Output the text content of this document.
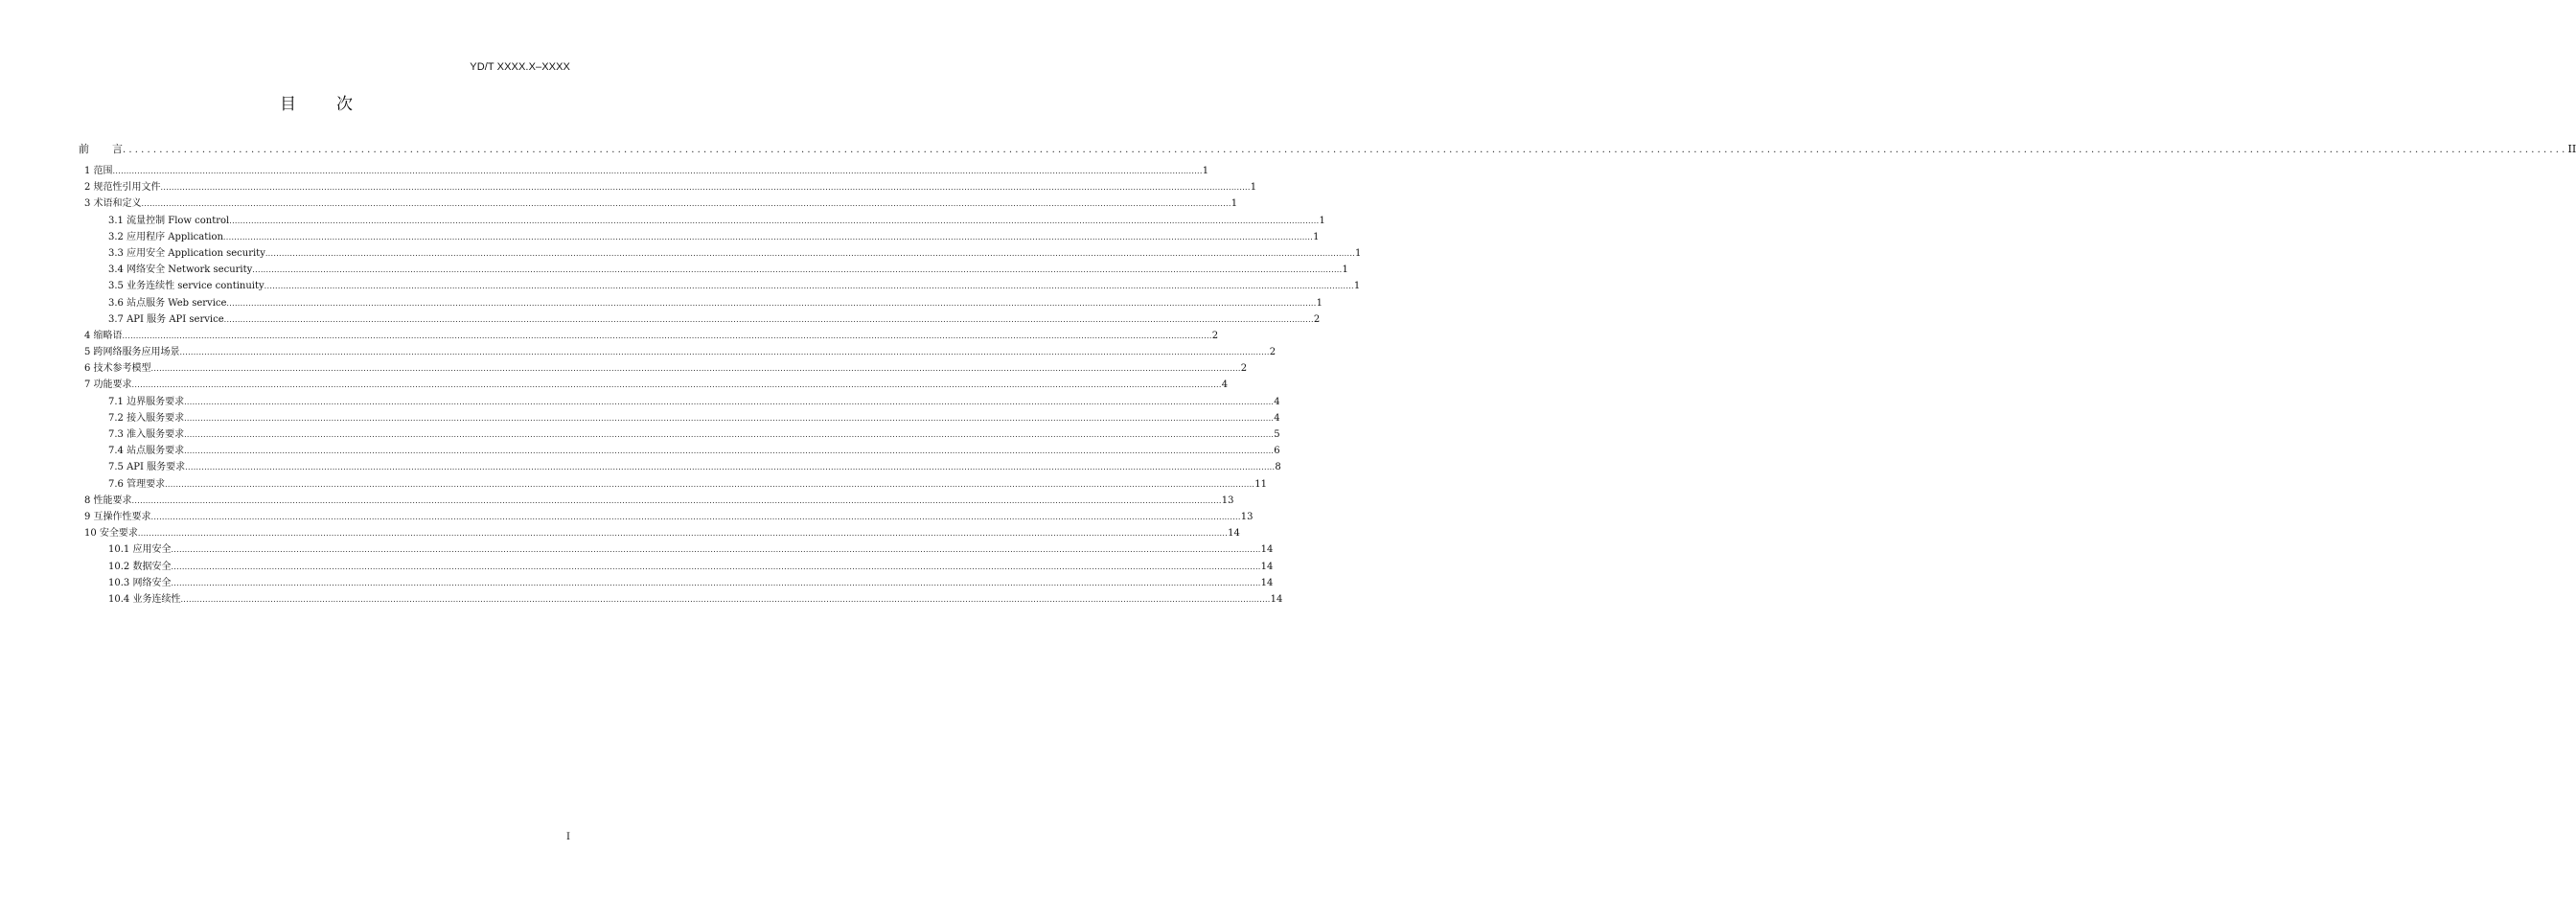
YD/T XXXX.X–XXXX
目 次
前 言 ................................................................................................................................................................................................................................................................................................................................................................................................................ II
1 范围 ................................................................................................................................................................................................................................................................................................................................................................................................................ 1
2 规范性引用文件 ................................................................................................................................................................................................................................................................................................................................................................................................................ 1
3 术语和定义 ................................................................................................................................................................................................................................................................................................................................................................................................................ 1
3.1 流量控制 Flow control ................................................................................................................................................................................................................................................................................................................................................................................................................ 1
3.2 应用程序 Application ................................................................................................................................................................................................................................................................................................................................................................................................................ 1
3.3 应用安全 Application security ................................................................................................................................................................................................................................................................................................................................................................................................................ 1
3.4 网络安全 Network security ................................................................................................................................................................................................................................................................................................................................................................................................................ 1
3.5 业务连续性 service continuity ................................................................................................................................................................................................................................................................................................................................................................................................................ 1
3.6 站点服务 Web service ................................................................................................................................................................................................................................................................................................................................................................................................................ 1
3.7 API 服务 API service ................................................................................................................................................................................................................................................................................................................................................................................................................ 2
4 缩略语 ................................................................................................................................................................................................................................................................................................................................................................................................................ 2
5 跨网络服务应用场景 ................................................................................................................................................................................................................................................................................................................................................................................................................ 2
6 技术参考模型 ................................................................................................................................................................................................................................................................................................................................................................................................................ 2
7 功能要求 ................................................................................................................................................................................................................................................................................................................................................................................................................ 4
7.1 边界服务要求 ................................................................................................................................................................................................................................................................................................................................................................................................................ 4
7.2 接入服务要求 ................................................................................................................................................................................................................................................................................................................................................................................................................ 4
7.3 准入服务要求 ................................................................................................................................................................................................................................................................................................................................................................................................................ 5
7.4 站点服务要求 ................................................................................................................................................................................................................................................................................................................................................................................................................ 6
7.5 API 服务要求 ................................................................................................................................................................................................................................................................................................................................................................................................................ 8
7.6 管理要求 ................................................................................................................................................................................................................................................................................................................................................................................................................ 11
8 性能要求 ................................................................................................................................................................................................................................................................................................................................................................................................................ 13
9 互操作性要求 ................................................................................................................................................................................................................................................................................................................................................................................................................ 13
10 安全要求 ................................................................................................................................................................................................................................................................................................................................................................................................................ 14
10.1 应用安全 ................................................................................................................................................................................................................................................................................................................................................................................................................ 14
10.2 数据安全 ................................................................................................................................................................................................................................................................................................................................................................................................................ 14
10.3 网络安全 ................................................................................................................................................................................................................................................................................................................................................................................................................ 14
10.4 业务连续性 ................................................................................................................................................................................................................................................................................................................................................................................................................ 14
I
